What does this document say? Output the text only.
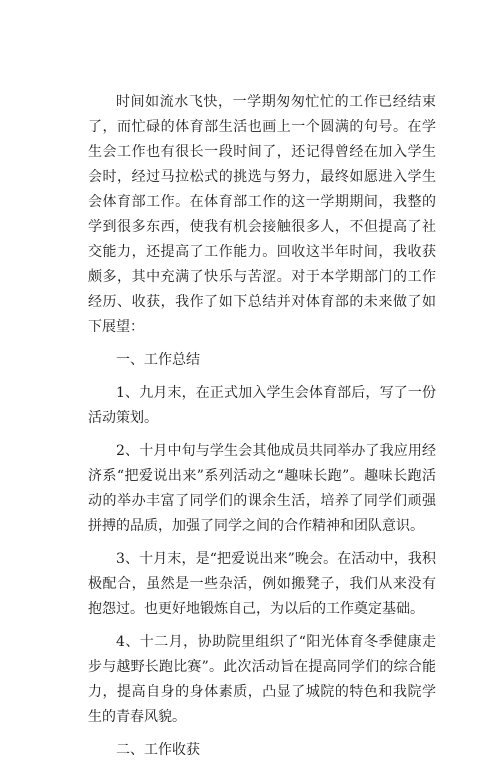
时间如流水飞快，一学期匆匆忙忙的工作已经结束了，而忙碌的体育部生活也画上一个圆满的句号。在学生会工作也有很长一段时间了，还记得曾经在加入学生会时，经过马拉松式的挑选与努力，最终如愿进入学生会体育部工作。在体育部工作的这一学期期间，我整的学到很多东西，使我有机会接触很多人，不但提高了社交能力，还提高了工作能力。回收这半年时间，我收获颇多，其中充满了快乐与苦涩。对于本学期部门的工作经历、收获，我作了如下总结并对体育部的未来做了如下展望：

一、工作总结

1、九月末，在正式加入学生会体育部后，写了一份活动策划。

2、十月中旬与学生会其他成员共同举办了我应用经济系“把爱说出来”系列活动之“趣味长跑”。趣味长跑活动的举办丰富了同学们的课余生活，培养了同学们顽强拼搏的品质，加强了同学之间的合作精神和团队意识。

3、十月末，是“把爱说出来”晚会。在活动中，我积极配合，虽然是一些杂活，例如搬凳子，我们从来没有抱怨过。也更好地锻炼自己，为以后的工作奠定基础。

4、十二月，协助院里组织了“阳光体育冬季健康走步与越野长跑比赛”。此次活动旨在提高同学们的综合能力，提高自身的身体素质，凸显了城院的特色和我院学生的青春风貌。

二、工作收获
